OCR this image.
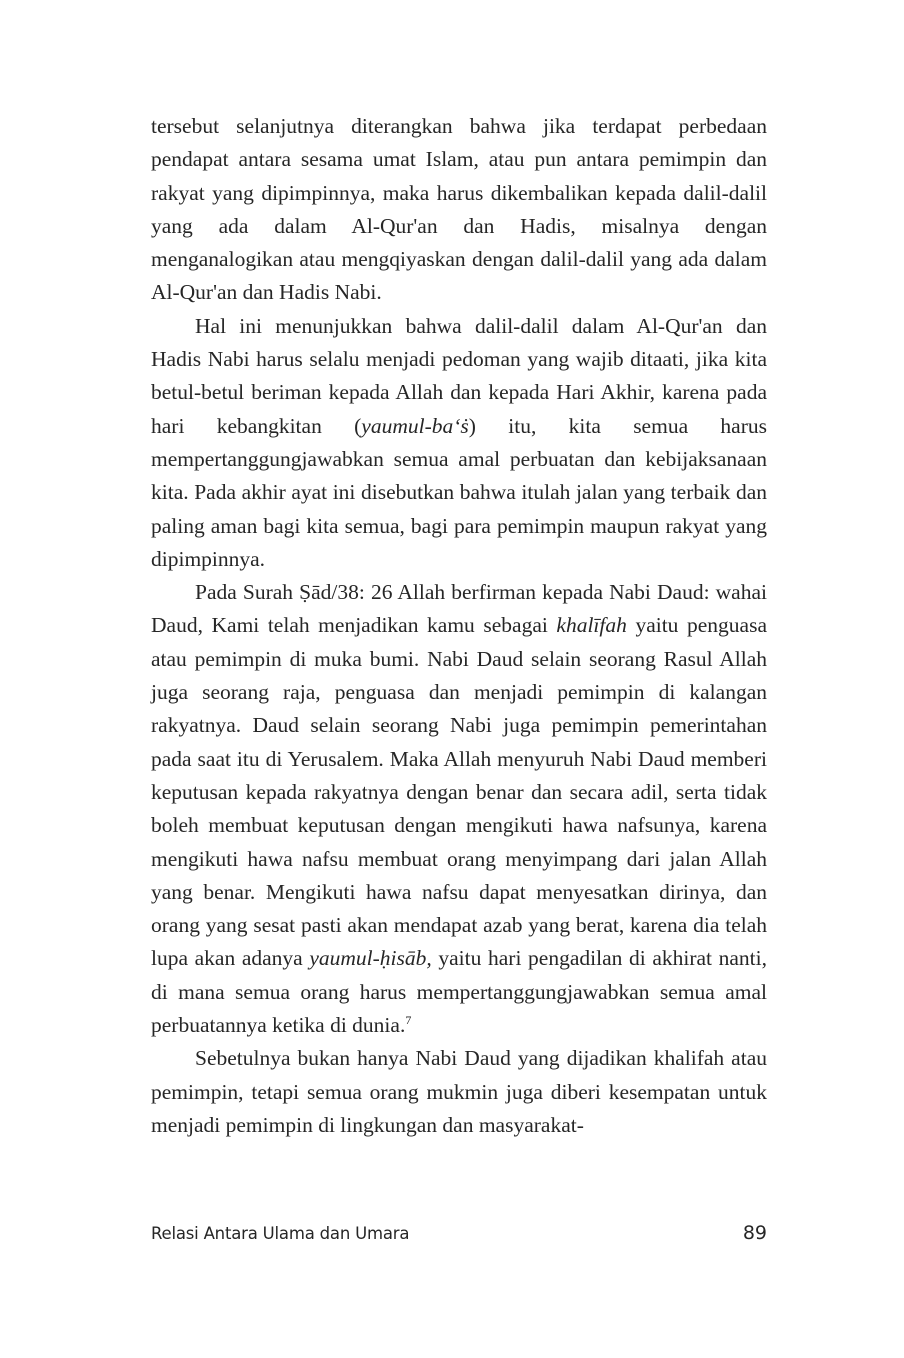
tersebut selanjutnya diterangkan bahwa jika terdapat perbedaan pendapat antara sesama umat Islam, atau pun antara pemimpin dan rakyat yang dipimpinnya, maka harus dikembalikan kepada dalil-dalil yang ada dalam Al-Qur'an dan Hadis, misalnya dengan menganalogikan atau mengqiyaskan dengan dalil-dalil yang ada dalam Al-Qur'an dan Hadis Nabi.

Hal ini menunjukkan bahwa dalil-dalil dalam Al-Qur'an dan Hadis Nabi harus selalu menjadi pedoman yang wajib ditaati, jika kita betul-betul beriman kepada Allah dan kepada Hari Akhir, karena pada hari kebangkitan (yaumul-ba‘ṡ) itu, kita semua harus mempertanggungjawabkan semua amal perbuatan dan kebijaksanaan kita. Pada akhir ayat ini disebutkan bahwa itulah jalan yang terbaik dan paling aman bagi kita semua, bagi para pemimpin maupun rakyat yang dipimpinnya.

Pada Surah Ṣād/38: 26 Allah berfirman kepada Nabi Daud: wahai Daud, Kami telah menjadikan kamu sebagai khalīfah yaitu penguasa atau pemimpin di muka bumi. Nabi Daud selain seorang Rasul Allah juga seorang raja, penguasa dan menjadi pemimpin di kalangan rakyatnya. Daud selain seorang Nabi juga pemimpin pemerintahan pada saat itu di Yerusalem. Maka Allah menyuruh Nabi Daud memberi keputusan kepada rakyatnya dengan benar dan secara adil, serta tidak boleh membuat keputusan dengan mengikuti hawa nafsunya, karena mengikuti hawa nafsu membuat orang menyimpang dari jalan Allah yang benar. Mengikuti hawa nafsu dapat menyesatkan dirinya, dan orang yang sesat pasti akan mendapat azab yang berat, karena dia telah lupa akan adanya yaumul-ḥisāb, yaitu hari pengadilan di akhirat nanti, di mana semua orang harus mempertanggungjawabkan semua amal perbuatannya ketika di dunia.$^7$

Sebetulnya bukan hanya Nabi Daud yang dijadikan khalifah atau pemimpin, tetapi semua orang mukmin juga diberi kesempatan untuk menjadi pemimpin di lingkungan dan masyarakat-

Relasi Antara Ulama dan Umara	89
